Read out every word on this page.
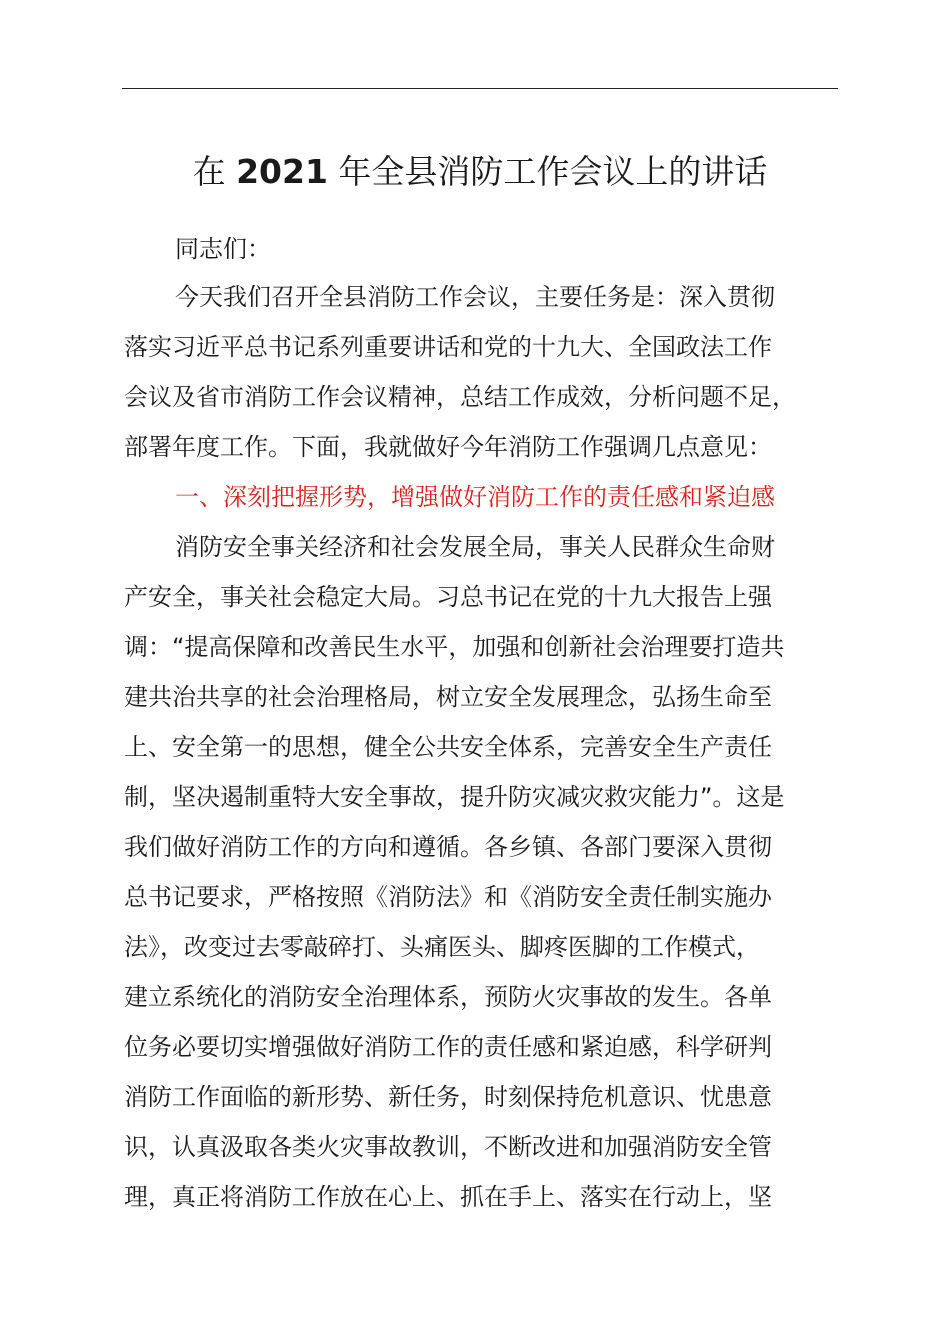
在 2021 年全县消防工作会议上的讲话
同志们：
今天我们召开全县消防工作会议，主要任务是：深入贯彻
落实习近平总书记系列重要讲话和党的十九大、全国政法工作
会议及省市消防工作会议精神，总结工作成效，分析问题不足，
部署年度工作。下面，我就做好今年消防工作强调几点意见：
一、深刻把握形势，增强做好消防工作的责任感和紧迫感
消防安全事关经济和社会发展全局，事关人民群众生命财
产安全，事关社会稳定大局。习总书记在党的十九大报告上强
调：“提高保障和改善民生水平，加强和创新社会治理要打造共
建共治共享的社会治理格局，树立安全发展理念，弘扬生命至
上、安全第一的思想，健全公共安全体系，完善安全生产责任
制，坚决遏制重特大安全事故，提升防灾减灾救灾能力”。这是
我们做好消防工作的方向和遵循。各乡镇、各部门要深入贯彻
总书记要求，严格按照《消防法》和《消防安全责任制实施办
法》，改变过去零敲碎打、头痛医头、脚疼医脚的工作模式，
建立系统化的消防安全治理体系，预防火灾事故的发生。各单
位务必要切实增强做好消防工作的责任感和紧迫感，科学研判
消防工作面临的新形势、新任务，时刻保持危机意识、忧患意
识，认真汲取各类火灾事故教训，不断改进和加强消防安全管
理，真正将消防工作放在心上、抓在手上、落实在行动上，坚
